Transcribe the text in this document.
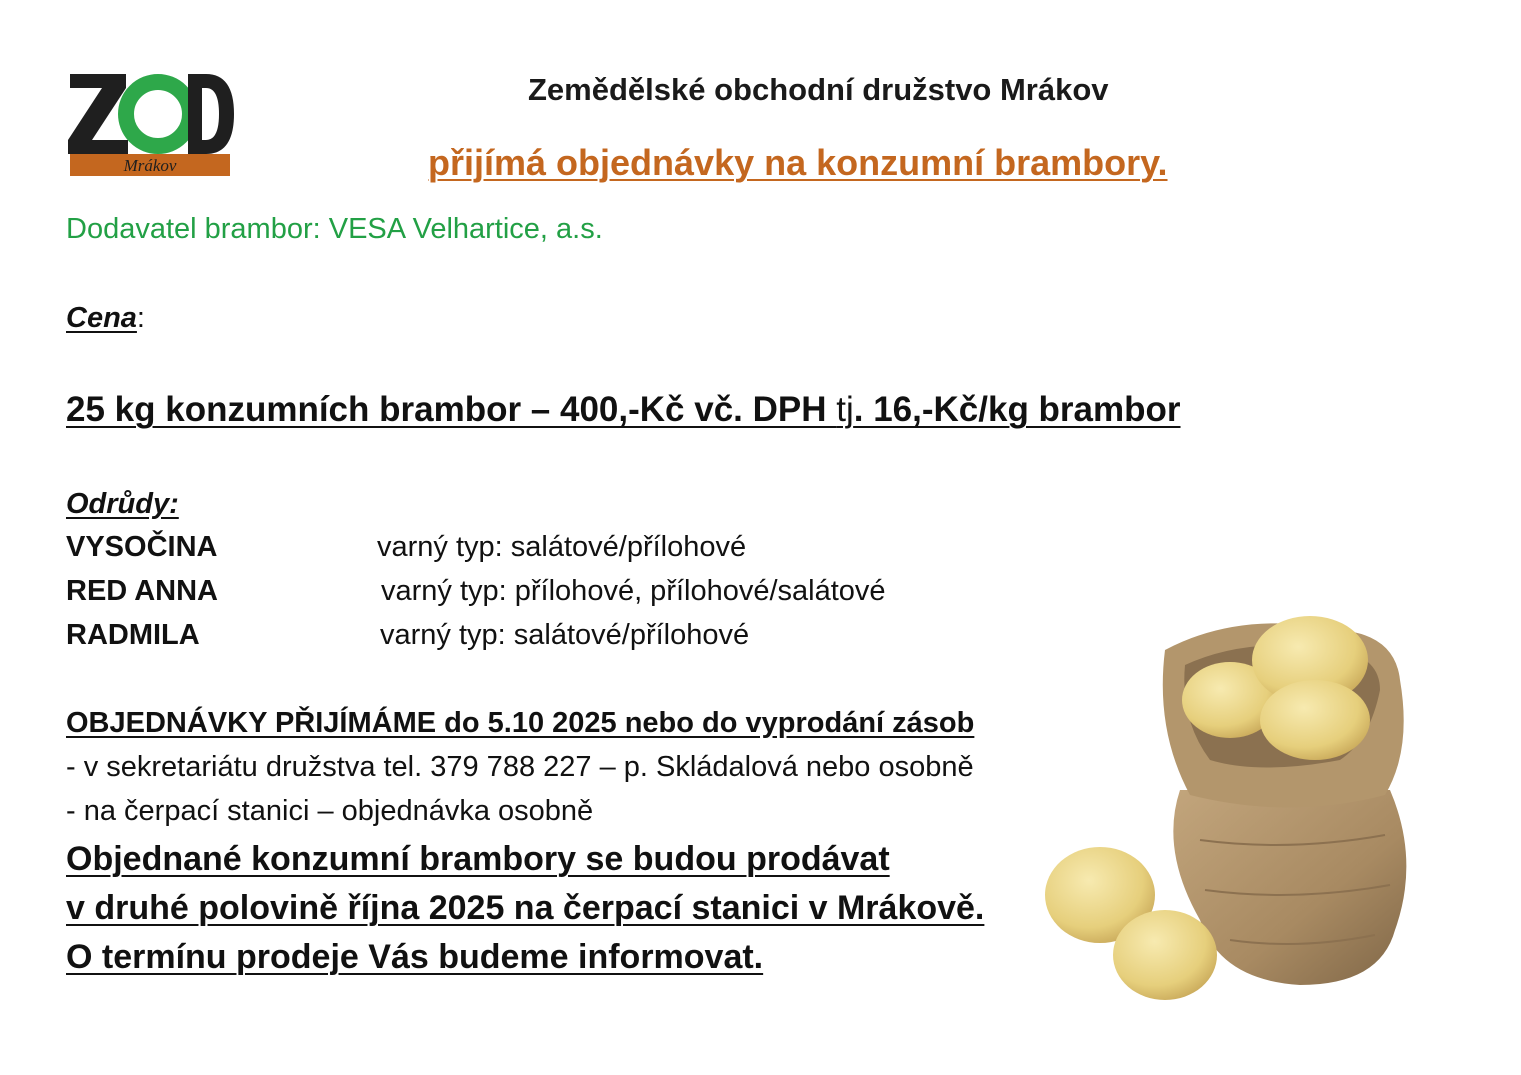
Mrákov
Zemědělské obchodní družstvo Mrákov
přijímá objednávky na konzumní brambory.
Dodavatel brambor: VESA Velhartice, a.s.
Cena:
25 kg konzumních brambor – 400,-Kč vč. DPH tj. 16,-Kč/kg brambor
Odrůdy:
VYSOČINA	varný typ: salátové/přílohové
RED ANNA	varný typ: přílohové, přílohové/salátové
RADMILA	varný typ: salátové/přílohové
OBJEDNÁVKY PŘIJÍMÁME do 5.10 2025 nebo do vyprodání zásob
- v sekretariátu družstva tel. 379 788 227 – p. Skládalová nebo osobně
- na čerpací stanici – objednávka osobně
Objednané konzumní brambory se budou prodávat
v druhé polovině října 2025 na čerpací stanici v Mrákově.
O termínu prodeje Vás budeme informovat.
